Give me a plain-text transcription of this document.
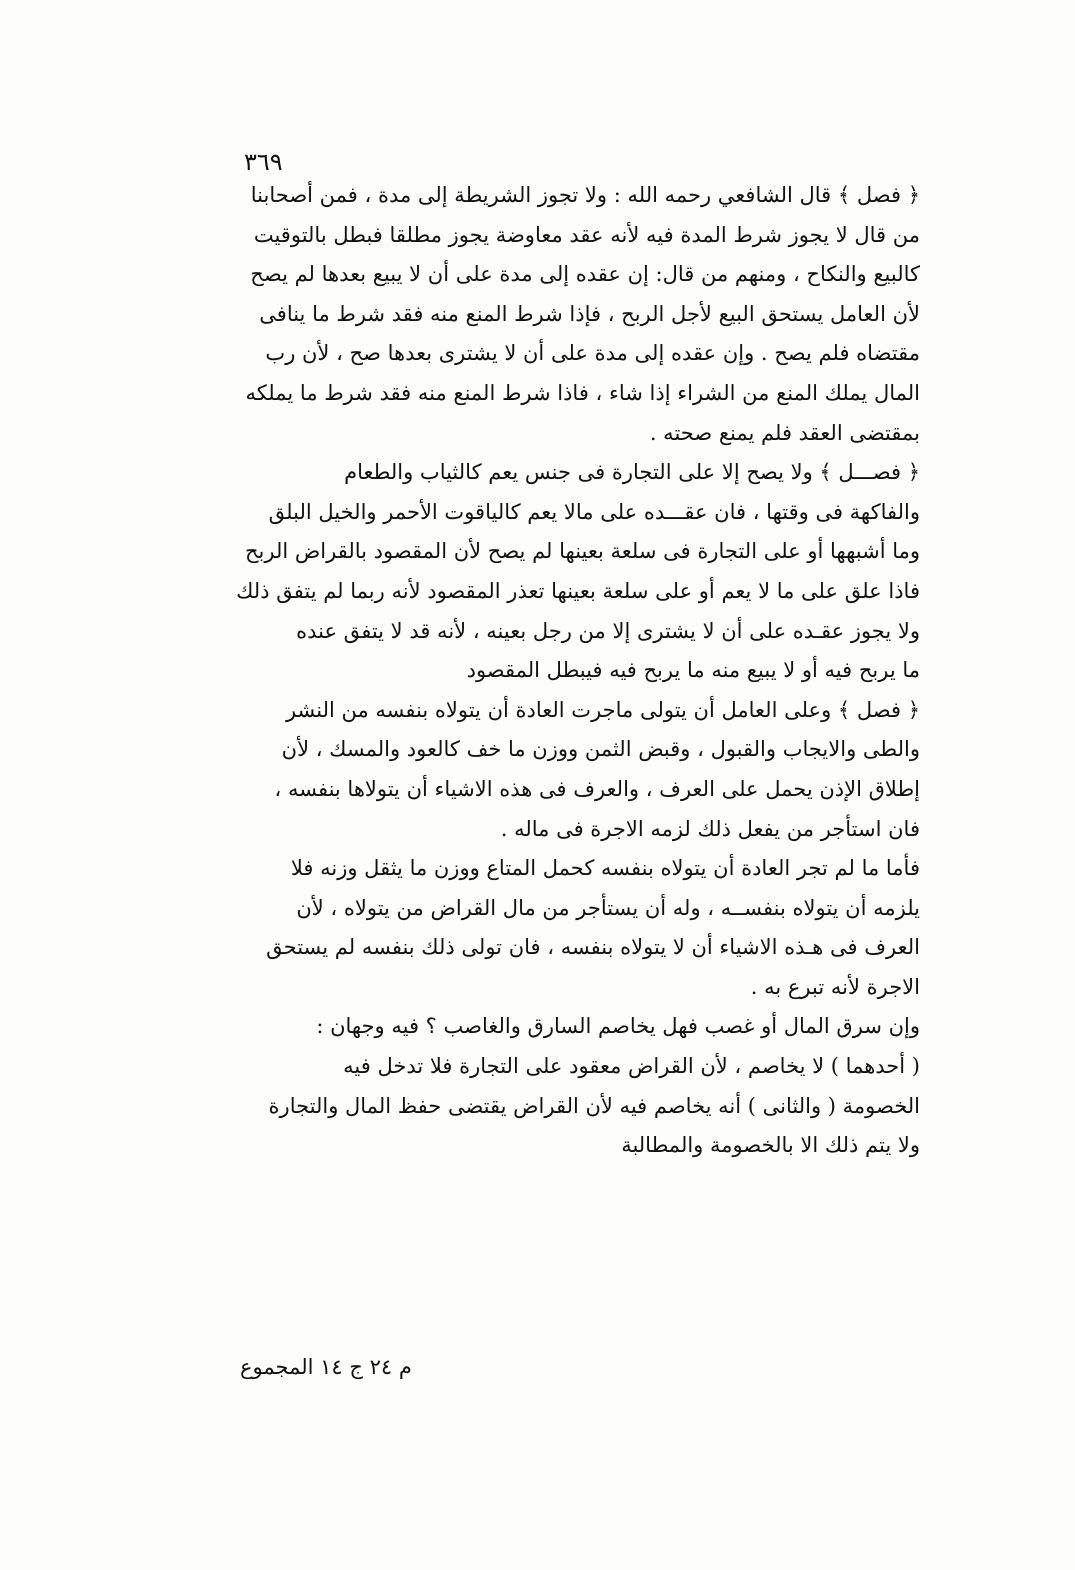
٣٦٩
﴿ فصل ﴾ قال الشافعي رحمه الله : ولا تجوز الشريطة إلى مدة ، فمن أصحابنا
من قال لا يجوز شرط المدة فيه لأنه عقد معاوضة يجوز مطلقا فبطل بالتوقيت
كالبيع والنكاح ، ومنهم من قال: إن عقده إلى مدة على أن لا يبيع بعدها لم يصح
لأن العامل يستحق البيع لأجل الربح ، فإذا شرط المنع منه فقد شرط ما ينافى
مقتضاه فلم يصح . وإن عقده إلى مدة على أن لا يشترى بعدها صح ، لأن رب
المال يملك المنع من الشراء إذا شاء ، فاذا شرط المنع منه فقد شرط ما يملكه
بمقتضى العقد فلم يمنع صحته .
﴿ فصـــل ﴾ ولا يصح إلا على التجارة فى جنس يعم كالثياب والطعام
والفاكهة فى وقتها ، فان عقـــده على مالا يعم كالياقوت الأحمر والخيل البلق
وما أشبهها أو على التجارة فى سلعة بعينها لم يصح لأن المقصود بالقراض الربح
فاذا علق على ما لا يعم أو على سلعة بعينها تعذر المقصود لأنه ربما لم يتفق ذلك
ولا يجوز عقـده على أن لا يشترى إلا من رجل بعينه ، لأنه قد لا يتفق عنده
ما يربح فيه أو لا يبيع منه ما يربح فيه فيبطل المقصود
﴿ فصل ﴾ وعلى العامل أن يتولى ماجرت العادة أن يتولاه بنفسه من النشر
والطى والايجاب والقبول ، وقبض الثمن ووزن ما خف كالعود والمسك ، لأن
إطلاق الإذن يحمل على العرف ، والعرف فى هذه الاشياء أن يتولاها بنفسه ،
فان استأجر من يفعل ذلك لزمه الاجرة فى ماله .
فأما ما لم تجر العادة أن يتولاه بنفسه كحمل المتاع ووزن ما يثقل وزنه فلا
يلزمه أن يتولاه بنفســه ، وله أن يستأجر من مال القراض من يتولاه ، لأن
العرف فى هـذه الاشياء أن لا يتولاه بنفسه ، فان تولى ذلك بنفسه لم يستحق
الاجرة لأنه تبرع به .
وإن سرق المال أو غصب فهل يخاصم السارق والغاصب ؟ فيه وجهان :
( أحدهما ) لا يخاصم ، لأن القراض معقود على التجارة فلا تدخل فيه
الخصومة ( والثانى ) أنه يخاصم فيه لأن القراض يقتضى حفظ المال والتجارة
ولا يتم ذلك الا بالخصومة والمطالبة
م ٢٤ ج ١٤ المجموع
